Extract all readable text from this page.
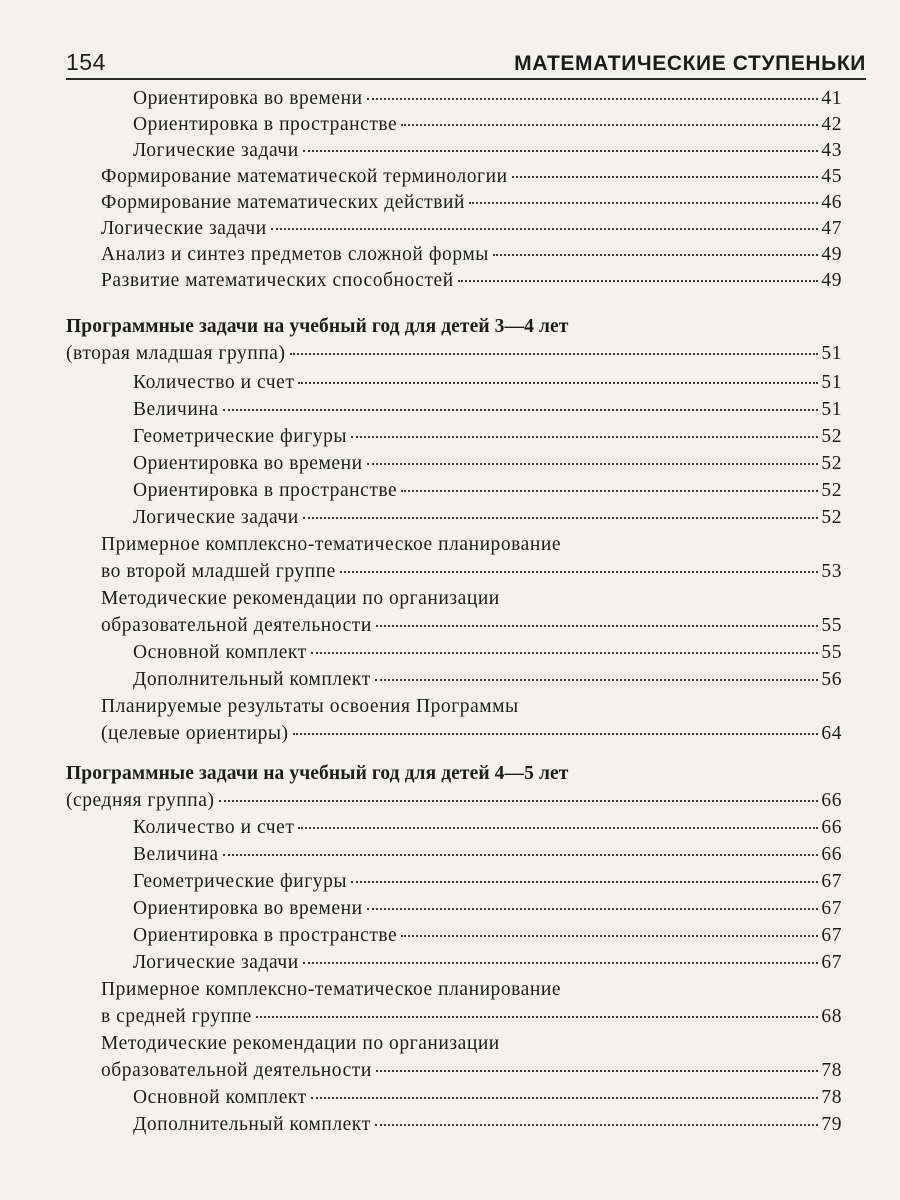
154	МАТЕМАТИЧЕСКИЕ СТУПЕНЬКИ
Ориентировка во времени	41
Ориентировка в пространстве	42
Логические задачи	43
Формирование математической терминологии	45
Формирование математических действий	46
Логические задачи	47
Анализ и синтез предметов сложной формы	49
Развитие математических способностей	49
Программные задачи на учебный год для детей 3—4 лет
(вторая младшая группа)	51
Количество и счет	51
Величина	51
Геометрические фигуры	52
Ориентировка во времени	52
Ориентировка в пространстве	52
Логические задачи	52
Примерное комплексно-тематическое планирование
во второй младшей группе	53
Методические рекомендации по организации
образовательной деятельности	55
Основной комплект	55
Дополнительный комплект	56
Планируемые результаты освоения Программы
(целевые ориентиры)	64
Программные задачи на учебный год для детей 4—5 лет
(средняя группа)	66
Количество и счет	66
Величина	66
Геометрические фигуры	67
Ориентировка во времени	67
Ориентировка в пространстве	67
Логические задачи	67
Примерное комплексно-тематическое планирование
в средней группе	68
Методические рекомендации по организации
образовательной деятельности	78
Основной комплект	78
Дополнительный комплект	79
